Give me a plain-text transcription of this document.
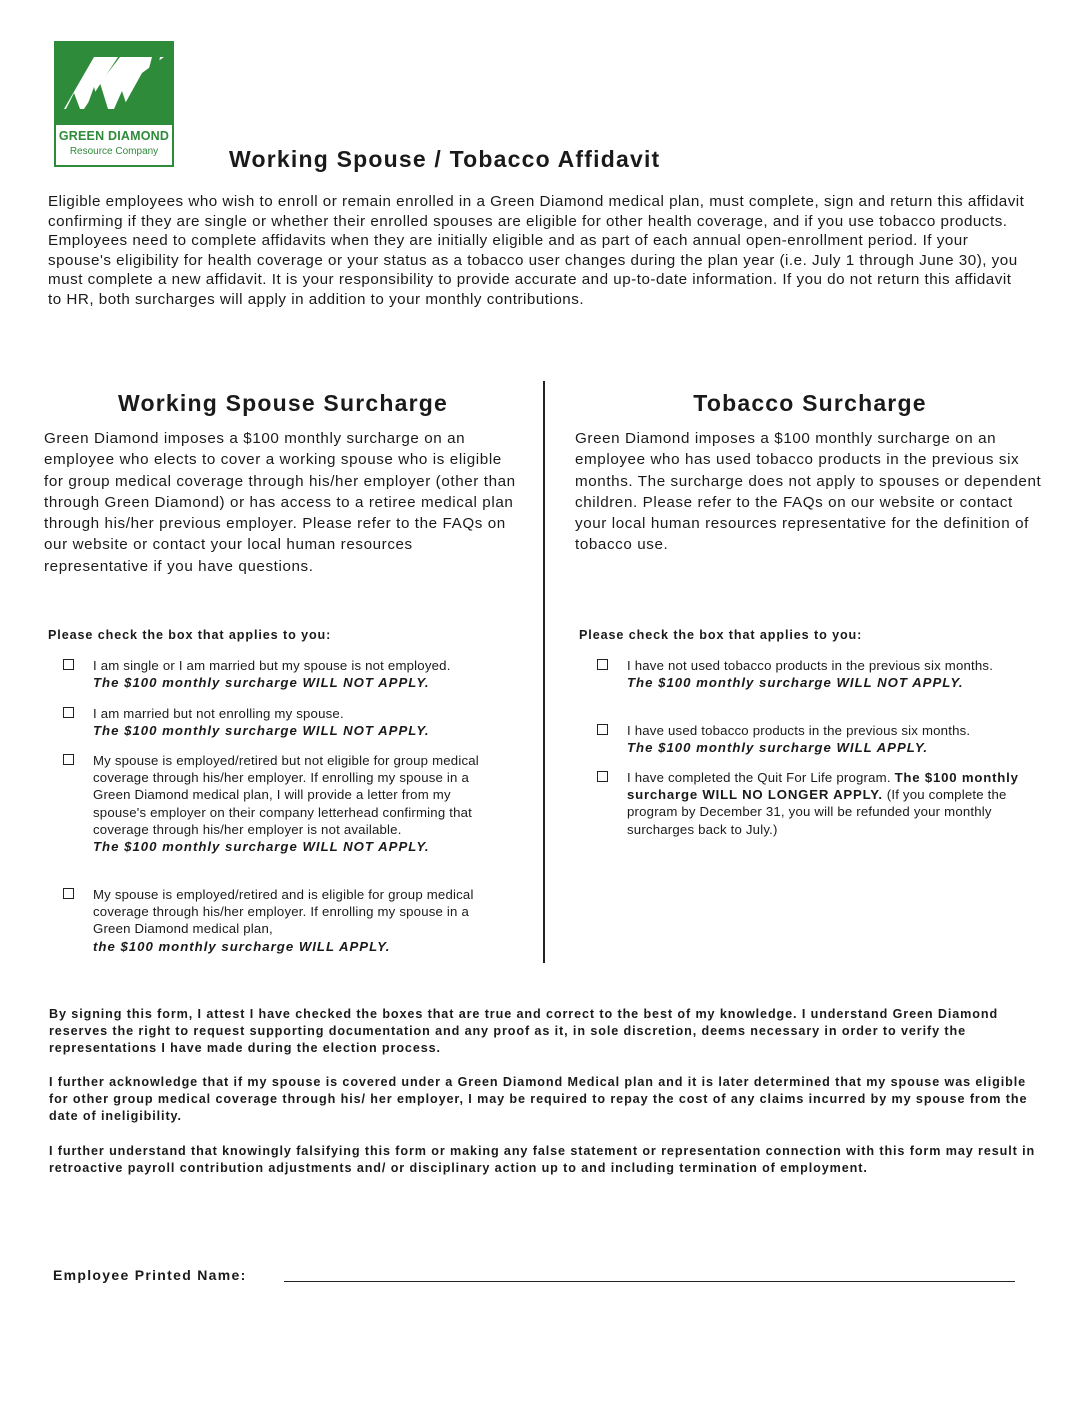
GREEN DIAMOND
Resource Company	Working Spouse / Tobacco Affidavit

Eligible employees who wish to enroll or remain enrolled in a Green Diamond medical plan, must complete, sign and return this affidavit confirming if they are single or whether their enrolled spouses are eligible for other health coverage, and if you use tobacco products. Employees need to complete affidavits when they are initially eligible and as part of each annual open-enrollment period. If your spouse's eligibility for health coverage or your status as a tobacco user changes during the plan year (i.e. July 1 through June 30), you must complete a new affidavit. It is your responsibility to provide accurate and up-to-date information. If you do not return this affidavit to HR, both surcharges will apply in addition to your monthly contributions.

Working Spouse Surcharge

Green Diamond imposes a $100 monthly surcharge on an employee who elects to cover a working spouse who is eligible for group medical coverage through his/her employer (other than through Green Diamond) or has access to a retiree medical plan through his/her previous employer. Please refer to the FAQs on our website or contact your local human resources representative if you have questions.

Please check the box that applies to you:
I am single or I am married but my spouse is not employed.
The $100 monthly surcharge WILL NOT APPLY.
I am married but not enrolling my spouse.
The $100 monthly surcharge WILL NOT APPLY.
My spouse is employed/retired but not eligible for group medical coverage through his/her employer. If enrolling my spouse in a Green Diamond medical plan, I will provide a letter from my spouse's employer on their company letterhead confirming that coverage through his/her employer is not available.
The $100 monthly surcharge WILL NOT APPLY.
My spouse is employed/retired and is eligible for group medical coverage through his/her employer. If enrolling my spouse in a Green Diamond medical plan,
the $100 monthly surcharge WILL APPLY.
Tobacco Surcharge

Green Diamond imposes a $100 monthly surcharge on an employee who has used tobacco products in the previous six months. The surcharge does not apply to spouses or dependent children. Please refer to the FAQs on our website or contact your local human resources representative for the definition of tobacco use.

Please check the box that applies to you:
I have not used tobacco products in the previous six months.
The $100 monthly surcharge WILL NOT APPLY.
I have used tobacco products in the previous six months.
The $100 monthly surcharge WILL APPLY.
I have completed the Quit For Life program. The $100 monthly surcharge WILL NO LONGER APPLY. (If you complete the program by December 31, you will be refunded your monthly surcharges back to July.)

By signing this form, I attest I have checked the boxes that are true and correct to the best of my knowledge. I understand Green Diamond reserves the right to request supporting documentation and any proof as it, in sole discretion, deems necessary in order to verify the representations I have made during the election process.

I further acknowledge that if my spouse is covered under a Green Diamond Medical plan and it is later determined that my spouse was eligible for other group medical coverage through his/ her employer, I may be required to repay the cost of any claims incurred by my spouse from the date of ineligibility.

I further understand that knowingly falsifying this form or making any false statement or representation connection with this form may result in retroactive payroll contribution adjustments and/ or disciplinary action up to and including termination of employment.

Employee Printed Name:
